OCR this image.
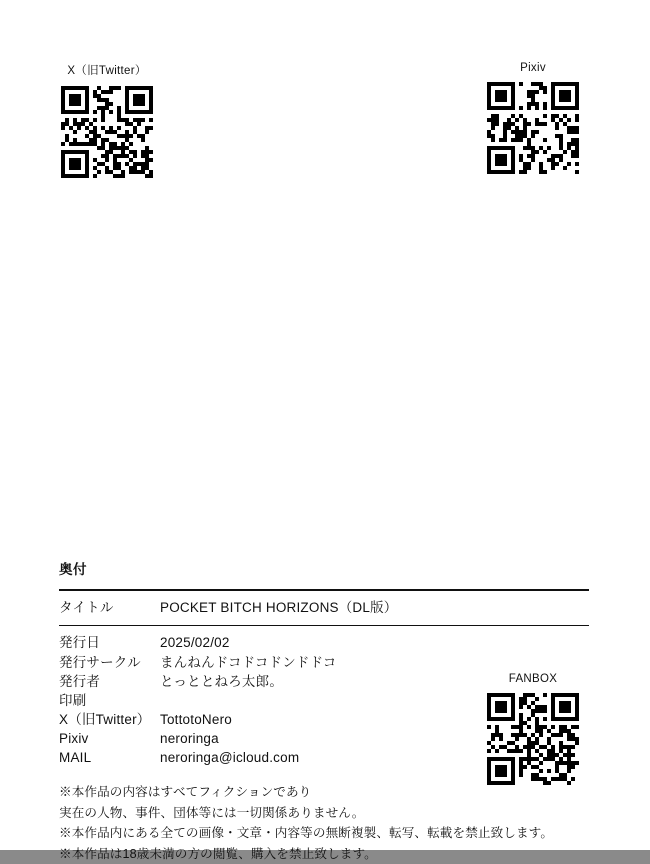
X（旧Twitter）	Pixiv
FANBOX
奥付
タイトル	POCKET BITCH HORIZONS（DL版）
発行日	2025/02/02
発行サークル	まんねんドコドコドンドドコ
発行者	とっととねろ太郎。
印刷
X（旧Twitter） TottotoNero
Pixiv	neroringa
MAIL	neroringa@icloud.com
※本作品の内容はすべてフィクションであり
実在の人物、事件、団体等には一切関係ありません。
※本作品内にある全ての画像・文章・内容等の無断複製、転写、転載を禁止致します。
※本作品は18歳未満の方の閲覧、購入を禁止致します。
